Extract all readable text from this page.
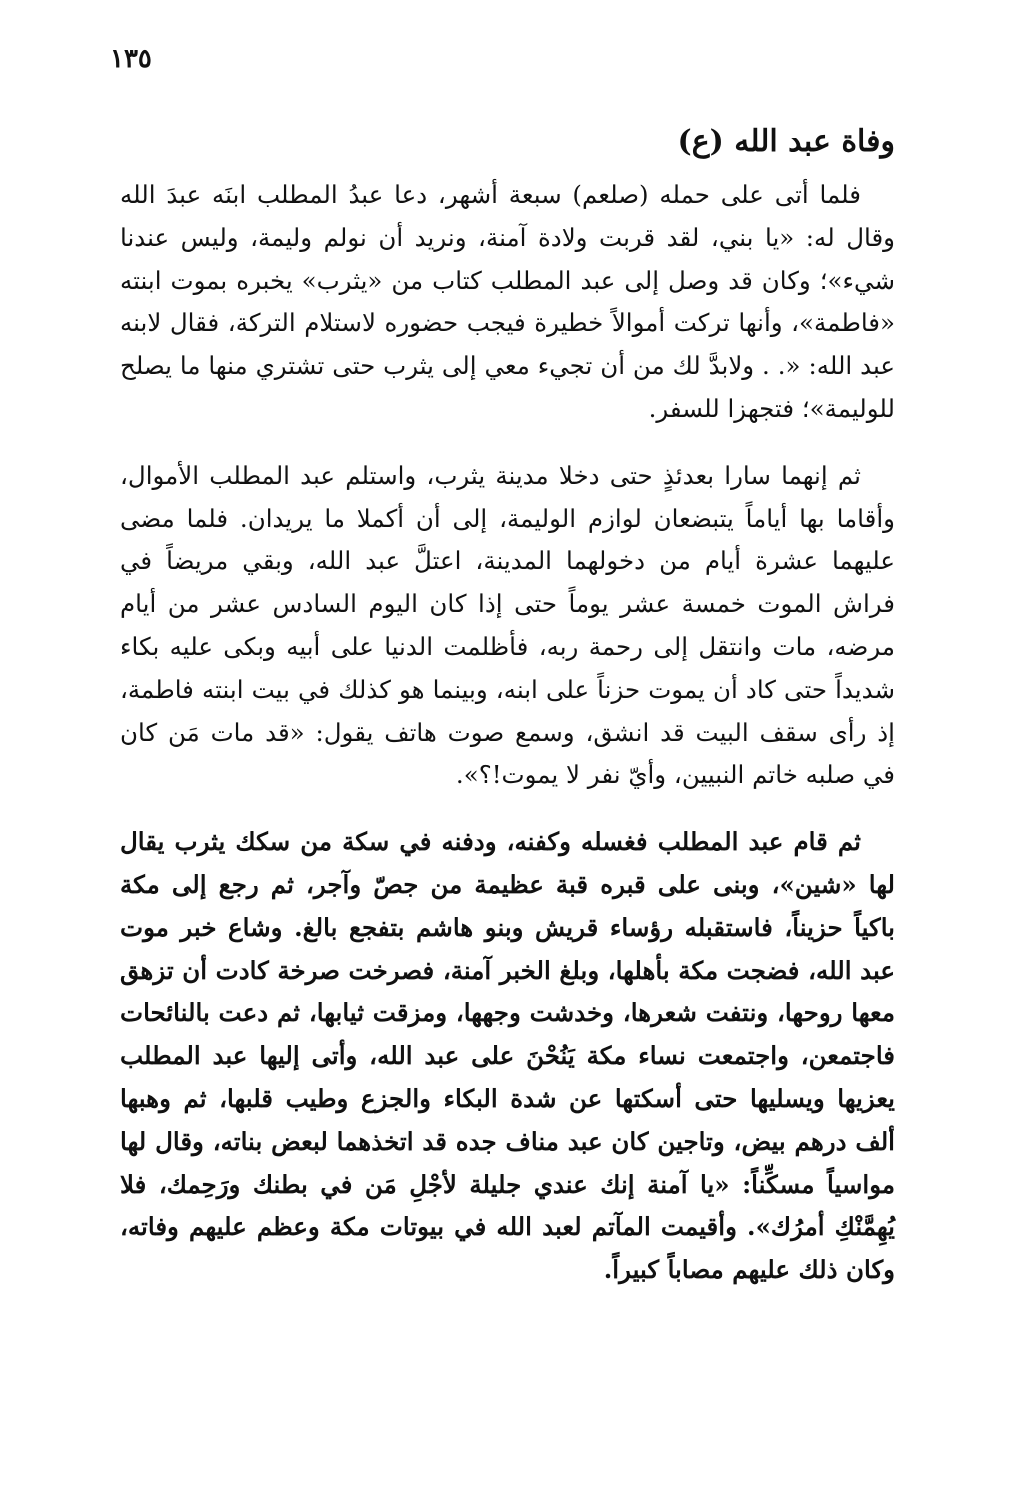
١٣٥
وفاة عبد الله (ع)

فلما أتى على حمله (صلعم) سبعة أشهر، دعا عبدُ المطلب ابنَه عبدَ الله وقال له: «يا بني، لقد قربت ولادة آمنة، ونريد أن نولم وليمة، وليس عندنا شيء»؛ وكان قد وصل إلى عبد المطلب كتاب من «يثرب» يخبره بموت ابنته «فاطمة»، وأنها تركت أموالاً خطيرة فيجب حضوره لاستلام التركة، فقال لابنه عبد الله: «. . ولابدَّ لك من أن تجيء معي إلى يثرب حتى تشتري منها ما يصلح للوليمة»؛ فتجهزا للسفر.

ثم إنهما سارا بعدئذٍ حتى دخلا مدينة يثرب، واستلم عبد المطلب الأموال، وأقاما بها أياماً يتبضعان لوازم الوليمة، إلى أن أكملا ما يريدان. فلما مضى عليهما عشرة أيام من دخولهما المدينة، اعتلَّ عبد الله، وبقي مريضاً في فراش الموت خمسة عشر يوماً حتى إذا كان اليوم السادس عشر من أيام مرضه، مات وانتقل إلى رحمة ربه، فأظلمت الدنيا على أبيه وبكى عليه بكاء شديداً حتى كاد أن يموت حزناً على ابنه، وبينما هو كذلك في بيت ابنته فاطمة، إذ رأى سقف البيت قد انشق، وسمع صوت هاتف يقول: «قد مات مَن كان في صلبه خاتم النبيين، وأيّ نفر لا يموت!؟».

ثم قام عبد المطلب فغسله وكفنه، ودفنه في سكة من سكك يثرب يقال لها «شين»، وبنى على قبره قبة عظيمة من جصّ وآجر، ثم رجع إلى مكة باكياً حزيناً، فاستقبله رؤساء قريش وبنو هاشم بتفجع بالغ. وشاع خبر موت عبد الله، فضجت مكة بأهلها، وبلغ الخبر آمنة، فصرخت صرخة كادت أن تزهق معها روحها، ونتفت شعرها، وخدشت وجهها، ومزقت ثيابها، ثم دعت بالنائحات فاجتمعن، واجتمعت نساء مكة يَنُحْنَ على عبد الله، وأتى إليها عبد المطلب يعزيها ويسليها حتى أسكتها عن شدة البكاء والجزع وطيب قلبها، ثم وهبها ألف درهم بيض، وتاجين كان عبد مناف جده قد اتخذهما لبعض بناته، وقال لها مواسياً مسكِّناً: «يا آمنة إنك عندي جليلة لأجْلِ مَن في بطنك ورَحِمك، فلا يُهِمَّنْكِ أمرُك». وأقيمت المآتم لعبد الله في بيوتات مكة وعظم عليهم وفاته، وكان ذلك عليهم مصاباً كبيراً.
